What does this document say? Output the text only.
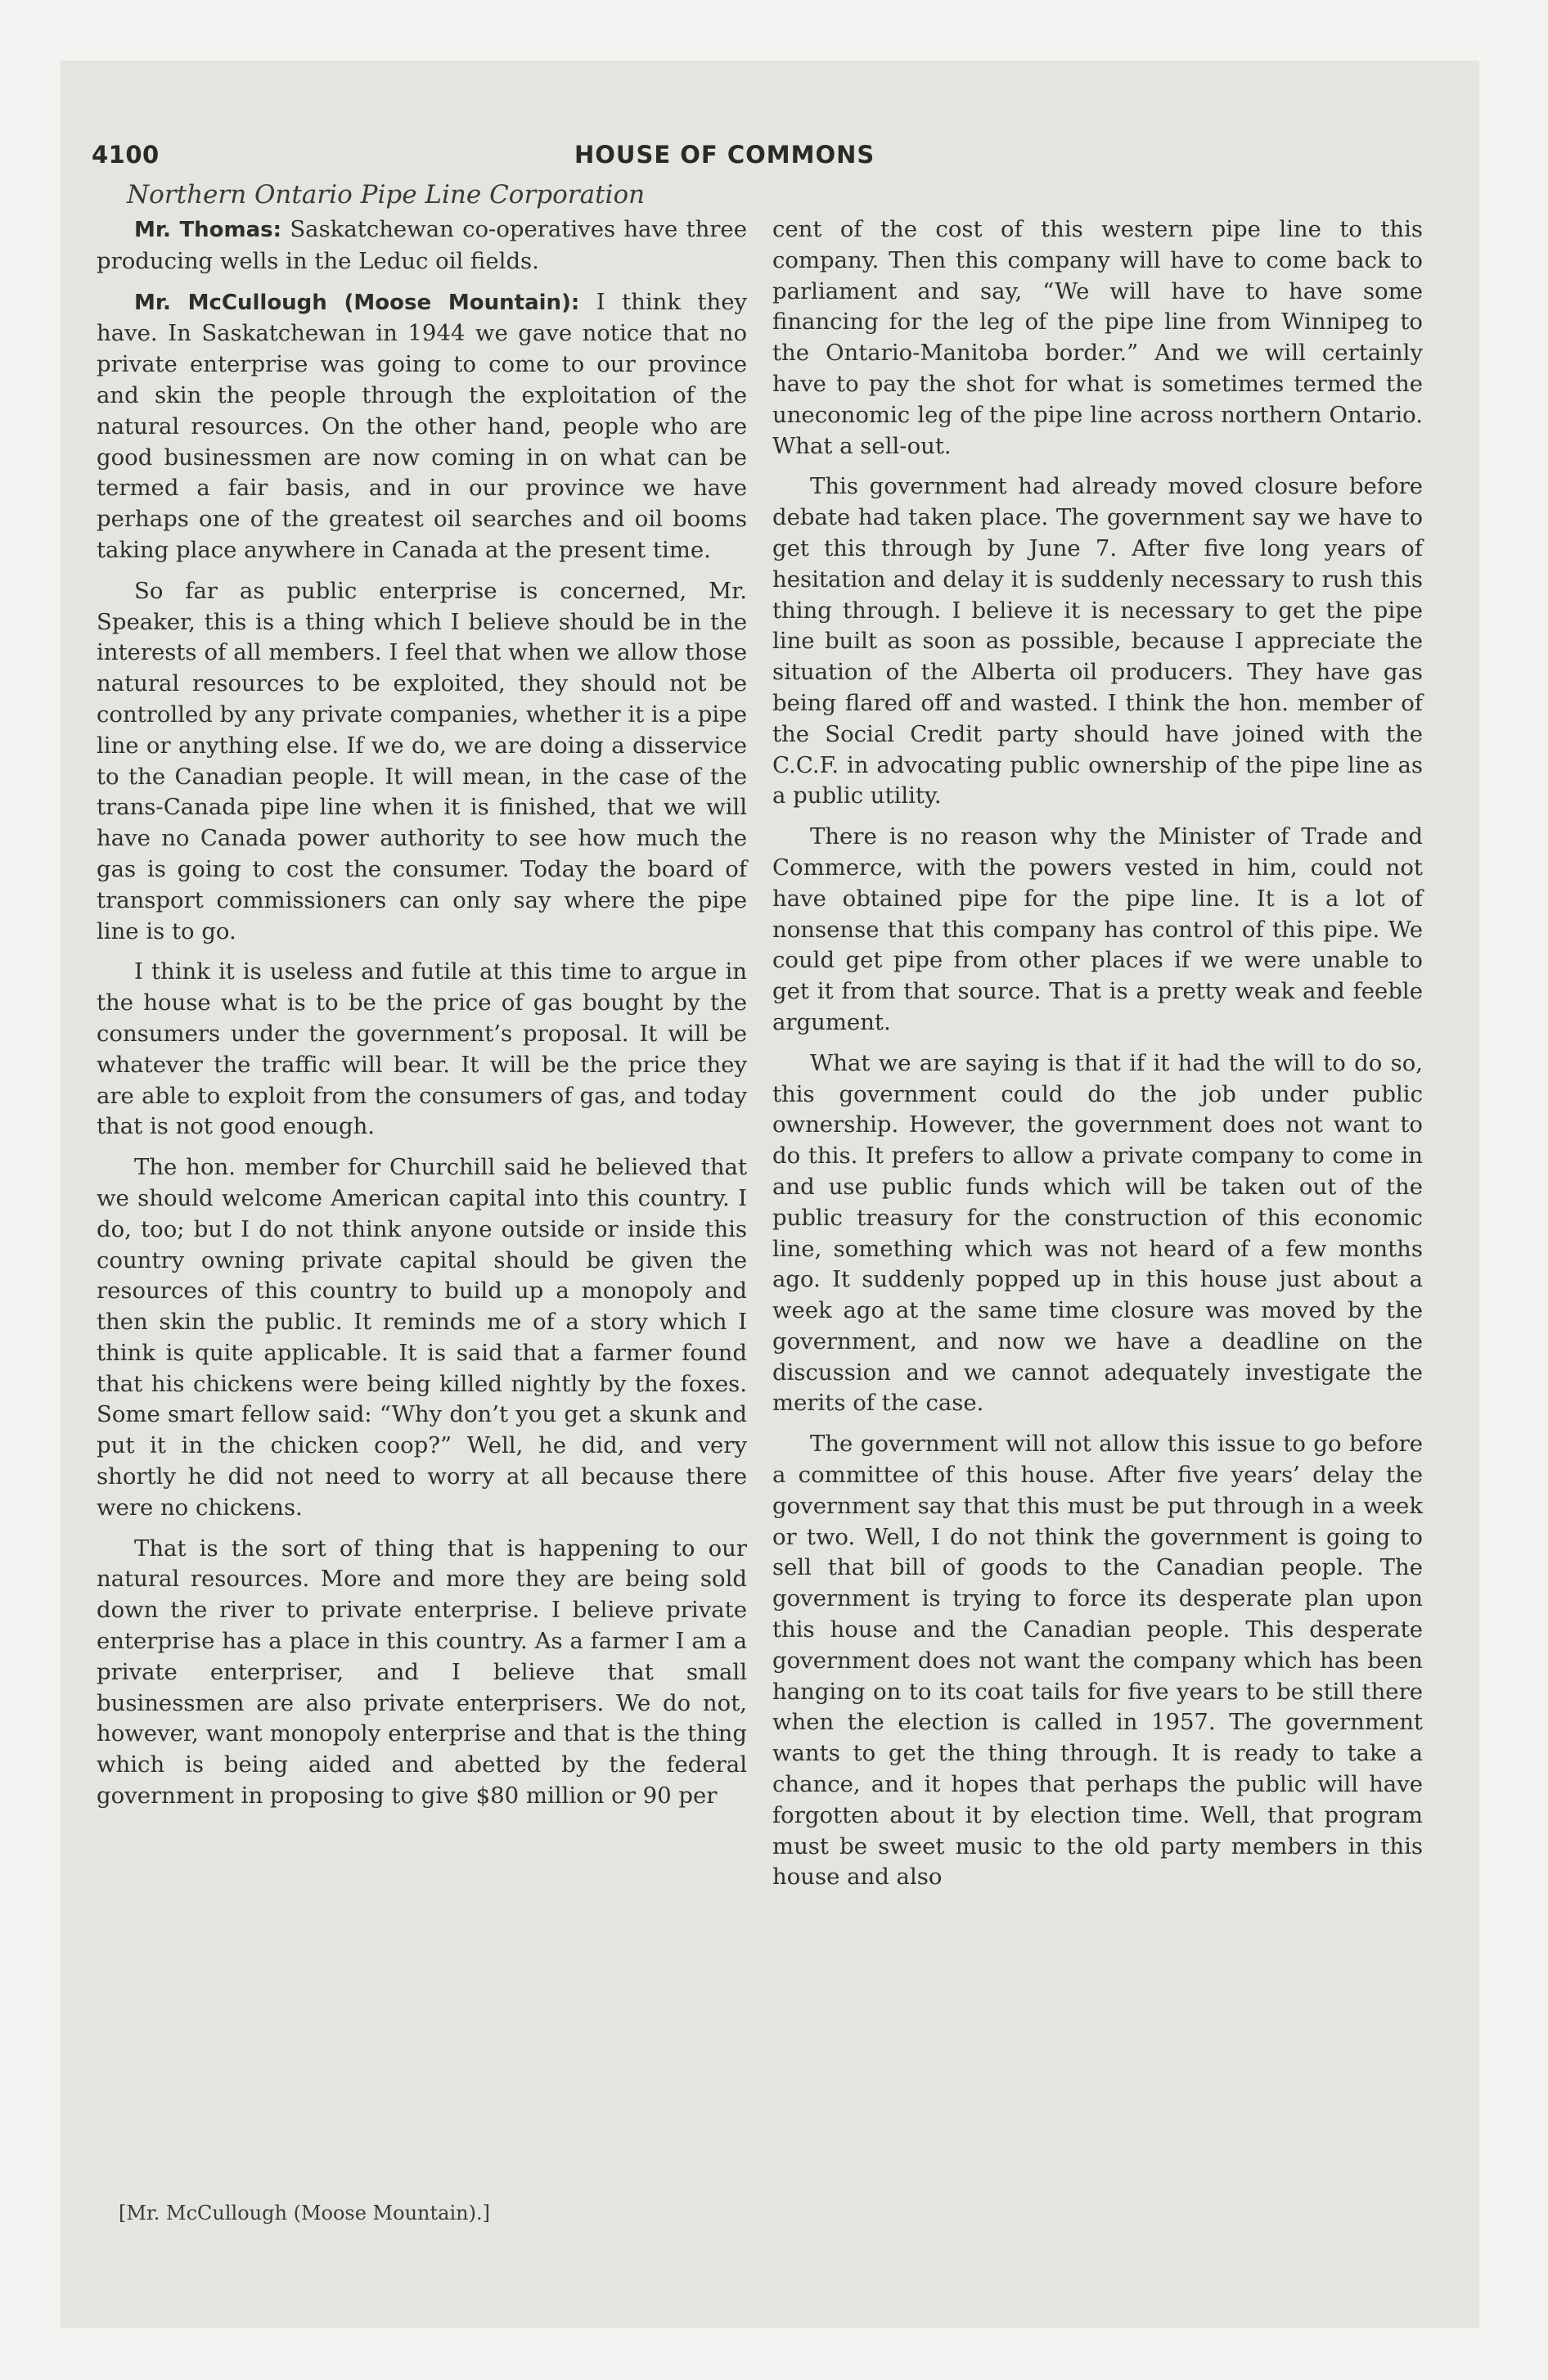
4100	HOUSE OF COMMONS
Northern Ontario Pipe Line Corporation

Mr. Thomas: Saskatchewan co-operatives have three producing wells in the Leduc oil fields.

Mr. McCullough (Moose Mountain): I think they have. In Saskatchewan in 1944 we gave notice that no private enterprise was going to come to our province and skin the people through the exploitation of the natural resources. On the other hand, people who are good businessmen are now coming in on what can be termed a fair basis, and in our province we have perhaps one of the greatest oil searches and oil booms taking place anywhere in Canada at the present time.

So far as public enterprise is concerned, Mr. Speaker, this is a thing which I believe should be in the interests of all members. I feel that when we allow those natural resources to be exploited, they should not be controlled by any private companies, whether it is a pipe line or anything else. If we do, we are doing a disservice to the Canadian people. It will mean, in the case of the trans-Canada pipe line when it is finished, that we will have no Canada power authority to see how much the gas is going to cost the consumer. Today the board of transport commissioners can only say where the pipe line is to go.

I think it is useless and futile at this time to argue in the house what is to be the price of gas bought by the consumers under the government’s proposal. It will be whatever the traffic will bear. It will be the price they are able to exploit from the consumers of gas, and today that is not good enough.

The hon. member for Churchill said he believed that we should welcome American capital into this country. I do, too; but I do not think anyone outside or inside this country owning private capital should be given the resources of this country to build up a monopoly and then skin the public. It reminds me of a story which I think is quite applicable. It is said that a farmer found that his chickens were being killed nightly by the foxes. Some smart fellow said: “Why don’t you get a skunk and put it in the chicken coop?” Well, he did, and very shortly he did not need to worry at all because there were no chickens.

That is the sort of thing that is happening to our natural resources. More and more they are being sold down the river to private enterprise. I believe private enterprise has a place in this country. As a farmer I am a private enterpriser, and I believe that small businessmen are also private enterprisers. We do not, however, want monopoly enterprise and that is the thing which is being aided and abetted by the federal government in proposing to give $80 million or 90 per

cent of the cost of this western pipe line to this company. Then this company will have to come back to parliament and say, “We will have to have some financing for the leg of the pipe line from Winnipeg to the Ontario-Manitoba border.” And we will certainly have to pay the shot for what is sometimes termed the uneconomic leg of the pipe line across northern Ontario. What a sell-out.

This government had already moved closure before debate had taken place. The government say we have to get this through by June 7. After five long years of hesitation and delay it is suddenly necessary to rush this thing through. I believe it is necessary to get the pipe line built as soon as possible, because I appreciate the situation of the Alberta oil producers. They have gas being flared off and wasted. I think the hon. member of the Social Credit party should have joined with the C.C.F. in advocating public ownership of the pipe line as a public utility.

There is no reason why the Minister of Trade and Commerce, with the powers vested in him, could not have obtained pipe for the pipe line. It is a lot of nonsense that this company has control of this pipe. We could get pipe from other places if we were unable to get it from that source. That is a pretty weak and feeble argument.

What we are saying is that if it had the will to do so, this government could do the job under public ownership. However, the government does not want to do this. It prefers to allow a private company to come in and use public funds which will be taken out of the public treasury for the construction of this economic line, something which was not heard of a few months ago. It suddenly popped up in this house just about a week ago at the same time closure was moved by the government, and now we have a deadline on the discussion and we cannot adequately investigate the merits of the case.

The government will not allow this issue to go before a committee of this house. After five years’ delay the government say that this must be put through in a week or two. Well, I do not think the government is going to sell that bill of goods to the Canadian people. The government is trying to force its desperate plan upon this house and the Canadian people. This desperate government does not want the company which has been hanging on to its coat tails for five years to be still there when the election is called in 1957. The government wants to get the thing through. It is ready to take a chance, and it hopes that perhaps the public will have forgotten about it by election time. Well, that program must be sweet music to the old party members in this house and also

[Mr. McCullough (Moose Mountain).]
